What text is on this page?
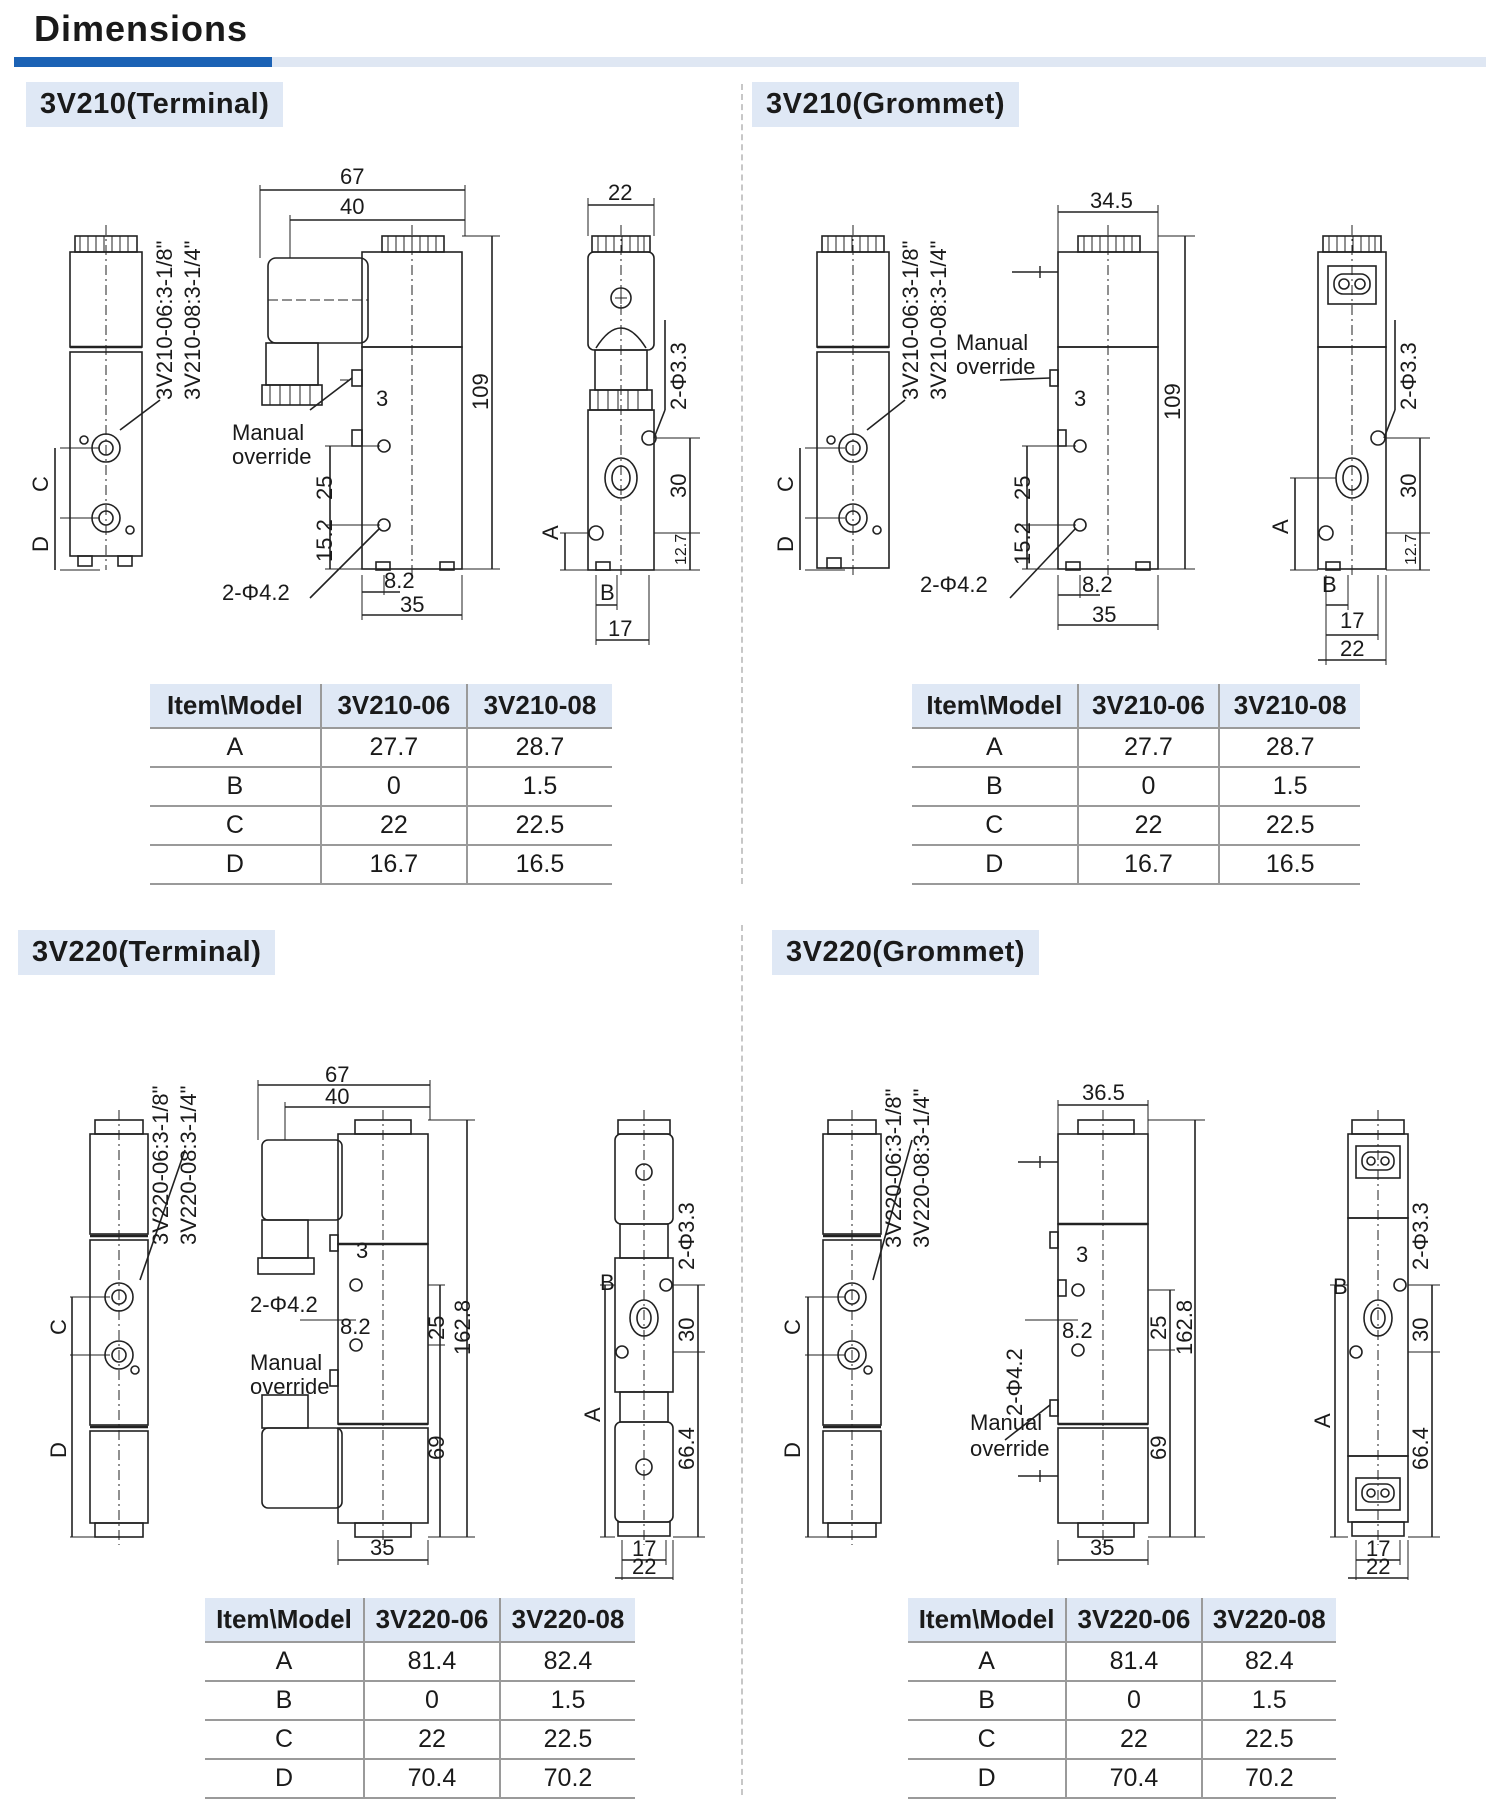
Dimensions
3V210(Terminal)	3V210(Grommet)
3V220(Terminal)	3V220(Grommet)
3V210-06:3-1/8" 3V210-08:3-1/4"
67
40
22
109
3
25
15.2
8.2
35
30
12.7
17
Manual
override
2-Φ4.2
2-Φ3.3
A
B
C
D
3V210-06:3-1/8" 3V210-08:3-1/4"
34.5
109
3
25
15.2
8.2
35
30
12.7
17
22
Manual
override
2-Φ4.2
2-Φ3.3
A
B
C
D
3V220-06:3-1/8" 3V220-08:3-1/4"
67
40
3
8.2 25 162.8
69
35
30
66.4
17
22
Manual
override
2-Φ4.2
2-Φ3.3
A
B
C
D
3V220-06:3-1/8" 3V220-08:3-1/4"	36.5
3
8.2 25 162.8
69
35
30
66.4
17
22
Manual
override
2-Φ4.2
2-Φ3.3
A
B
C
D
Item\Model	3V210-06	3V210-08
A	27.7	28.7
B	0	1.5
C	22	22.5
D	16.7	16.5
Item\Model	3V210-06	3V210-08
A	27.7	28.7
B	0	1.5
C	22	22.5
D	16.7	16.5
Item\Model	3V220-06	3V220-08
A	81.4	82.4
B	0	1.5
C	22	22.5
D	70.4	70.2
Item\Model	3V220-06	3V220-08
A	81.4	82.4
B	0	1.5
C	22	22.5
D	70.4	70.2
